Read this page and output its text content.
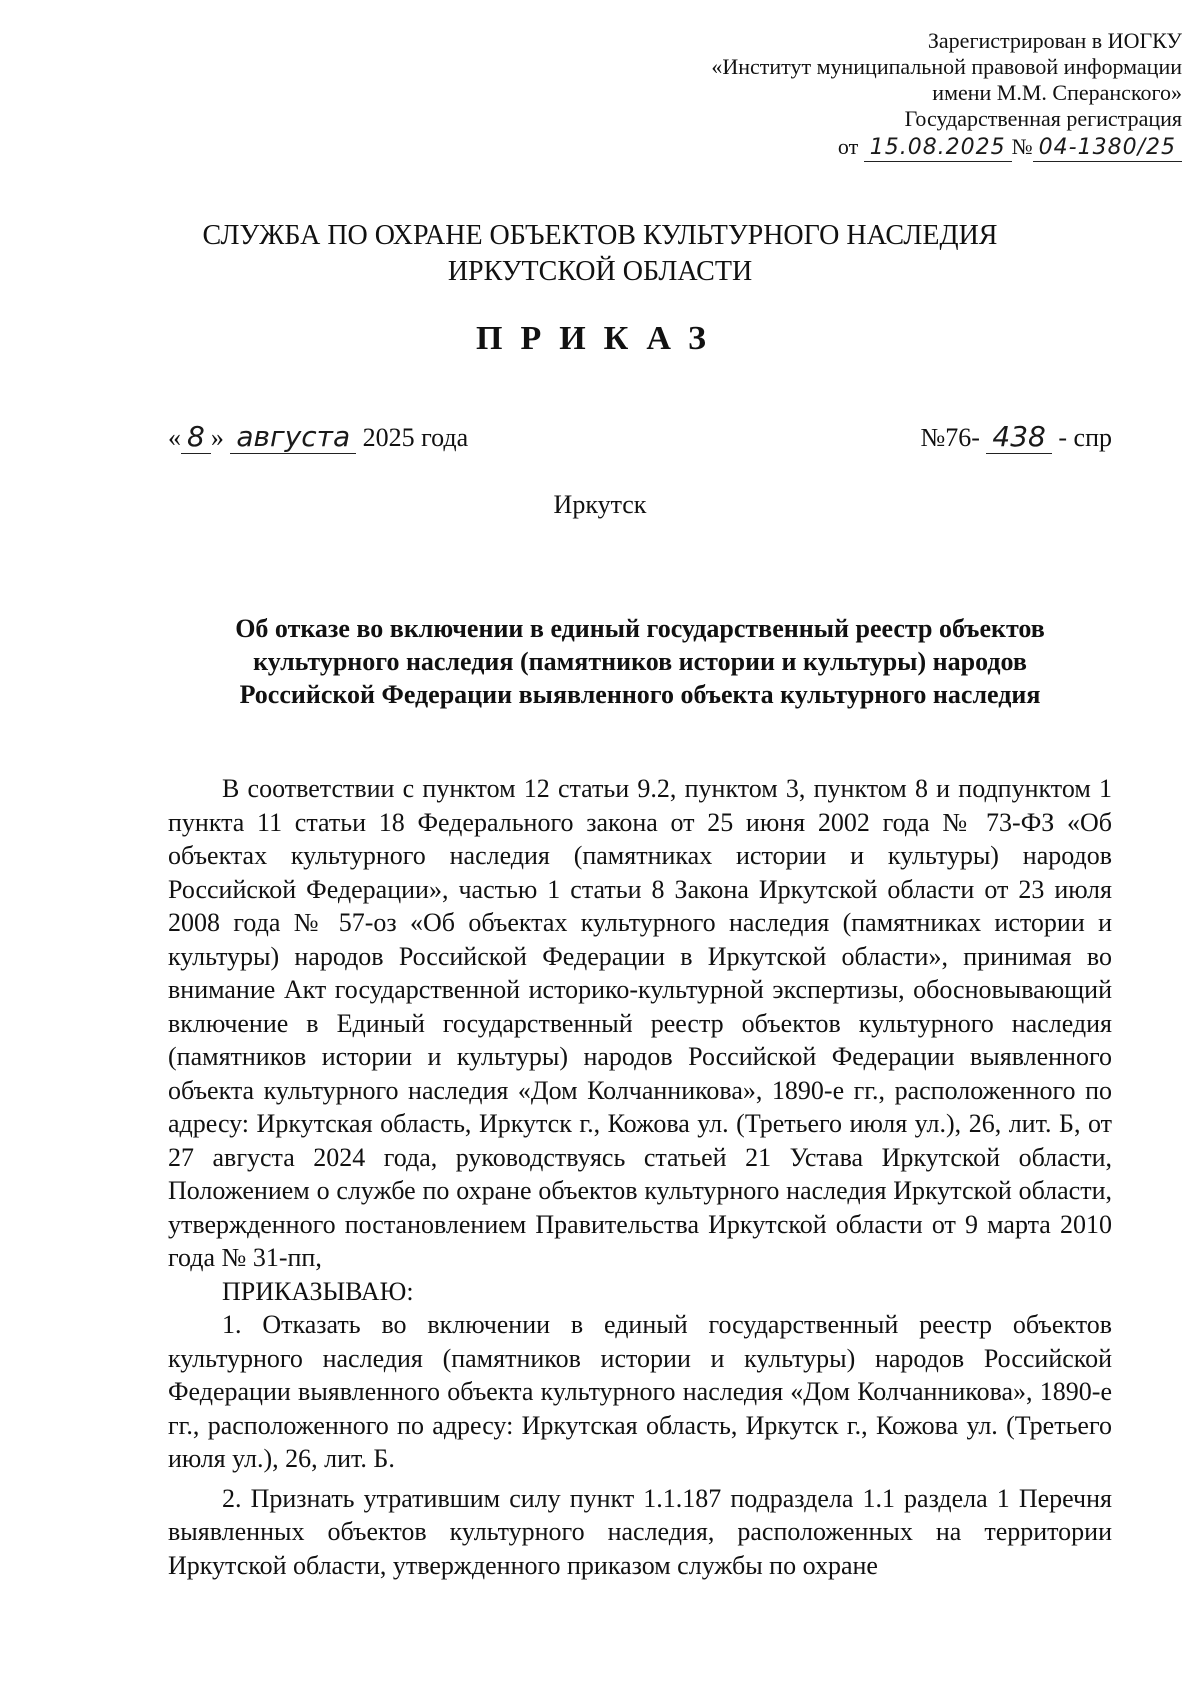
Зарегистрирован в ИОГКУ
«Институт муниципальной правовой информации
имени М.М. Сперанского»
Государственная регистрация
от 15.08.2025 № 04-1380/25
СЛУЖБА ПО ОХРАНЕ ОБЪЕКТОВ КУЛЬТУРНОГО НАСЛЕДИЯ
ИРКУТСКОЙ ОБЛАСТИ
ПРИКАЗ
« 8 » августа 2025 года	№76- 438 - спр
Иркутск
Об отказе во включении в единый государственный реестр объектов
культурного наследия (памятников истории и культуры) народов
Российской Федерации выявленного объекта культурного наследия

В соответствии с пунктом 12 статьи 9.2, пунктом 3, пунктом 8 и подпунктом 1 пункта 11 статьи 18 Федерального закона от 25 июня 2002 года № 73-ФЗ «Об объектах культурного наследия (памятниках истории и культуры) народов Российской Федерации», частью 1 статьи 8 Закона Иркутской области от 23 июля 2008 года № 57-оз «Об объектах культурного наследия (памятниках истории и культуры) народов Российской Федерации в Иркутской области», принимая во внимание Акт государственной историко-культурной экспертизы, обосновывающий включение в Единый государственный реестр объектов культурного наследия (памятников истории и культуры) народов Российской Федерации выявленного объекта культурного наследия «Дом Колчанникова», 1890-е гг., расположенного по адресу: Иркутская область, Иркутск г., Кожова ул. (Третьего июля ул.), 26, лит. Б, от 27 августа 2024 года, руководствуясь статьей 21 Устава Иркутской области, Положением о службе по охране объектов культурного наследия Иркутской области, утвержденного постановлением Правительства Иркутской области от 9 марта 2010 года № 31-пп,

ПРИКАЗЫВАЮ:

1. Отказать во включении в единый государственный реестр объектов культурного наследия (памятников истории и культуры) народов Российской Федерации выявленного объекта культурного наследия «Дом Колчанникова», 1890-е гг., расположенного по адресу: Иркутская область, Иркутск г., Кожова ул. (Третьего июля ул.), 26, лит. Б.

2. Признать утратившим силу пункт 1.1.187 подраздела 1.1 раздела 1 Перечня выявленных объектов культурного наследия, расположенных на территории Иркутской области, утвержденного приказом службы по охране
